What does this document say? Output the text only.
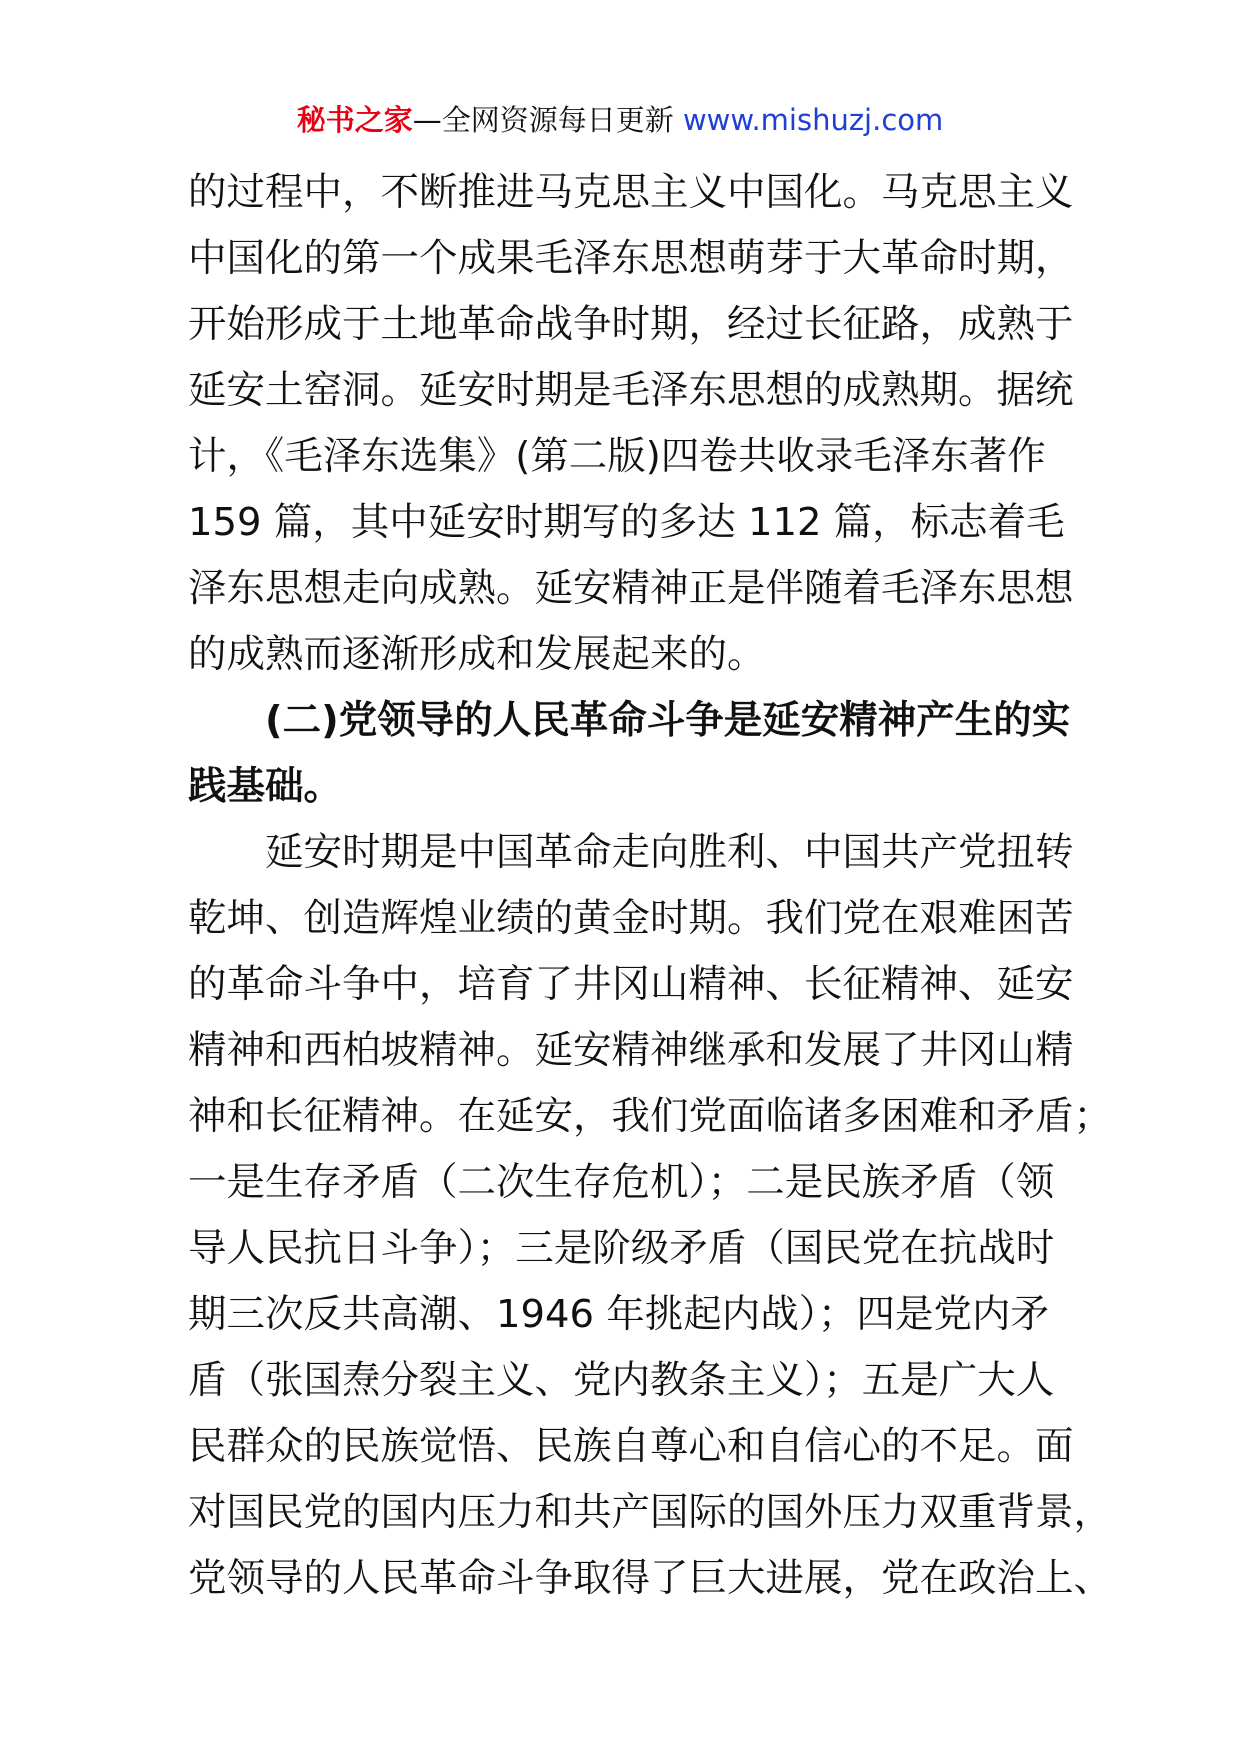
秘书之家—全网资源每日更新 www.mishuzj.com
的过程中，不断推进马克思主义中国化。马克思主义
中国化的第一个成果毛泽东思想萌芽于大革命时期，
开始形成于土地革命战争时期，经过长征路，成熟于
延安土窑洞。延安时期是毛泽东思想的成熟期。据统
计，《毛泽东选集》(第二版)四卷共收录毛泽东著作
159 篇，其中延安时期写的多达 112 篇，标志着毛
泽东思想走向成熟。延安精神正是伴随着毛泽东思想
的成熟而逐渐形成和发展起来的。
(二)党领导的人民革命斗争是延安精神产生的实
践基础。
延安时期是中国革命走向胜利、中国共产党扭转
乾坤、创造辉煌业绩的黄金时期。我们党在艰难困苦
的革命斗争中，培育了井冈山精神、长征精神、延安
精神和西柏坡精神。延安精神继承和发展了井冈山精
神和长征精神。在延安，我们党面临诸多困难和矛盾；
一是生存矛盾（二次生存危机）；二是民族矛盾（领
导人民抗日斗争）；三是阶级矛盾（国民党在抗战时
期三次反共高潮、1946 年挑起内战）；四是党内矛
盾（张国焘分裂主义、党内教条主义）；五是广大人
民群众的民族觉悟、民族自尊心和自信心的不足。面
对国民党的国内压力和共产国际的国外压力双重背景，
党领导的人民革命斗争取得了巨大进展，党在政治上、
